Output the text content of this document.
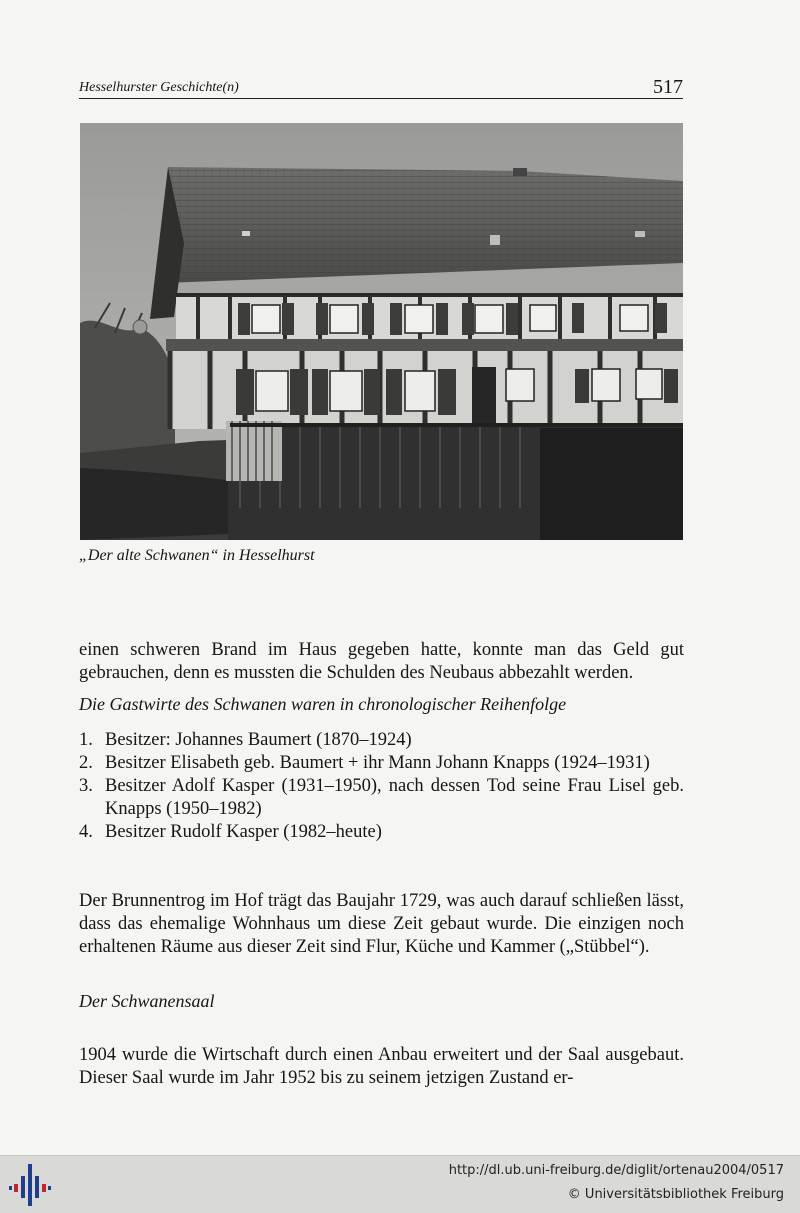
Hesselhurster Geschichte(n)	517
„Der alte Schwanen“ in Hesselhurst

einen schweren Brand im Haus gegeben hatte, konnte man das Geld gut gebrauchen, denn es mussten die Schulden des Neubaus abbezahlt werden.

Die Gastwirte des Schwanen waren in chronologischer Reihenfolge
1. Besitzer: Johannes Baumert (1870–1924)
2. Besitzer Elisabeth geb. Baumert + ihr Mann Johann Knapps (1924–1931)
3. Besitzer Adolf Kasper (1931–1950), nach dessen Tod seine Frau Lisel geb. Knapps (1950–1982)
4. Besitzer Rudolf Kasper (1982–heute)

Der Brunnentrog im Hof trägt das Baujahr 1729, was auch darauf schließen lässt, dass das ehemalige Wohnhaus um diese Zeit gebaut wurde. Die einzigen noch erhaltenen Räume aus dieser Zeit sind Flur, Küche und Kammer („Stübbel“).

Der Schwanensaal

1904 wurde die Wirtschaft durch einen Anbau erweitert und der Saal ausgebaut. Dieser Saal wurde im Jahr 1952 bis zu seinem jetzigen Zustand er-

http://dl.ub.uni-freiburg.de/diglit/ortenau2004/0517
© Universitätsbibliothek Freiburg
